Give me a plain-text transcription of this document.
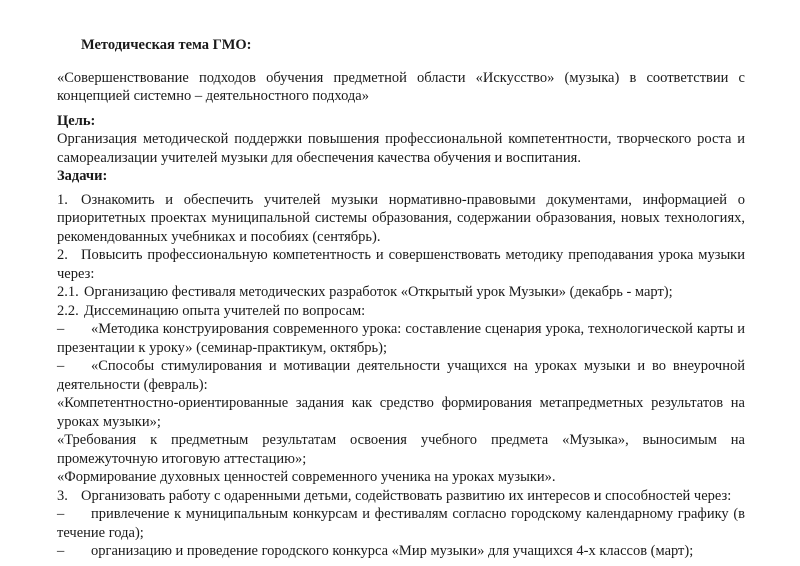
Методическая тема ГМО:

«Совершенствование подходов обучения предметной области «Искусство» (музыка) в соответствии с концепцией системно – деятельностного подхода»

Цель:

Организация методической поддержки повышения профессиональной компетентности, творческого роста и самореализации учителей музыки для обеспечения качества обучения и воспитания.

Задачи:

1. Ознакомить и обеспечить учителей музыки нормативно-правовыми документами, информацией о приоритетных проектах муниципальной системы образования, содержании образования, новых технологиях, рекомендованных учебниках и пособиях (сентябрь).

2. Повысить профессиональную компетентность и совершенствовать методику преподавания урока музыки через:

2.1. Организацию фестиваля методических разработок «Открытый урок Музыки» (декабрь - март);

2.2. Диссеминацию опыта учителей по вопросам:

– «Методика конструирования современного урока: составление сценария урока, технологической карты и презентации к уроку» (семинар-практикум, октябрь);

– «Способы стимулирования и мотивации деятельности учащихся на уроках музыки и во внеурочной деятельности (февраль):

«Компетентностно-ориентированные задания как средство формирования метапредметных результатов на уроках музыки»;

«Требования к предметным результатам освоения учебного предмета «Музыка», выносимым на промежуточную итоговую аттестацию»;

«Формирование духовных ценностей современного ученика на уроках музыки».

3. Организовать работу с одаренными детьми, содействовать развитию их интересов и способностей через:

– привлечение к муниципальным конкурсам и фестивалям согласно городскому календарному графику (в течение года);

– организацию и проведение городского конкурса «Мир музыки» для учащихся 4-х классов (март);
